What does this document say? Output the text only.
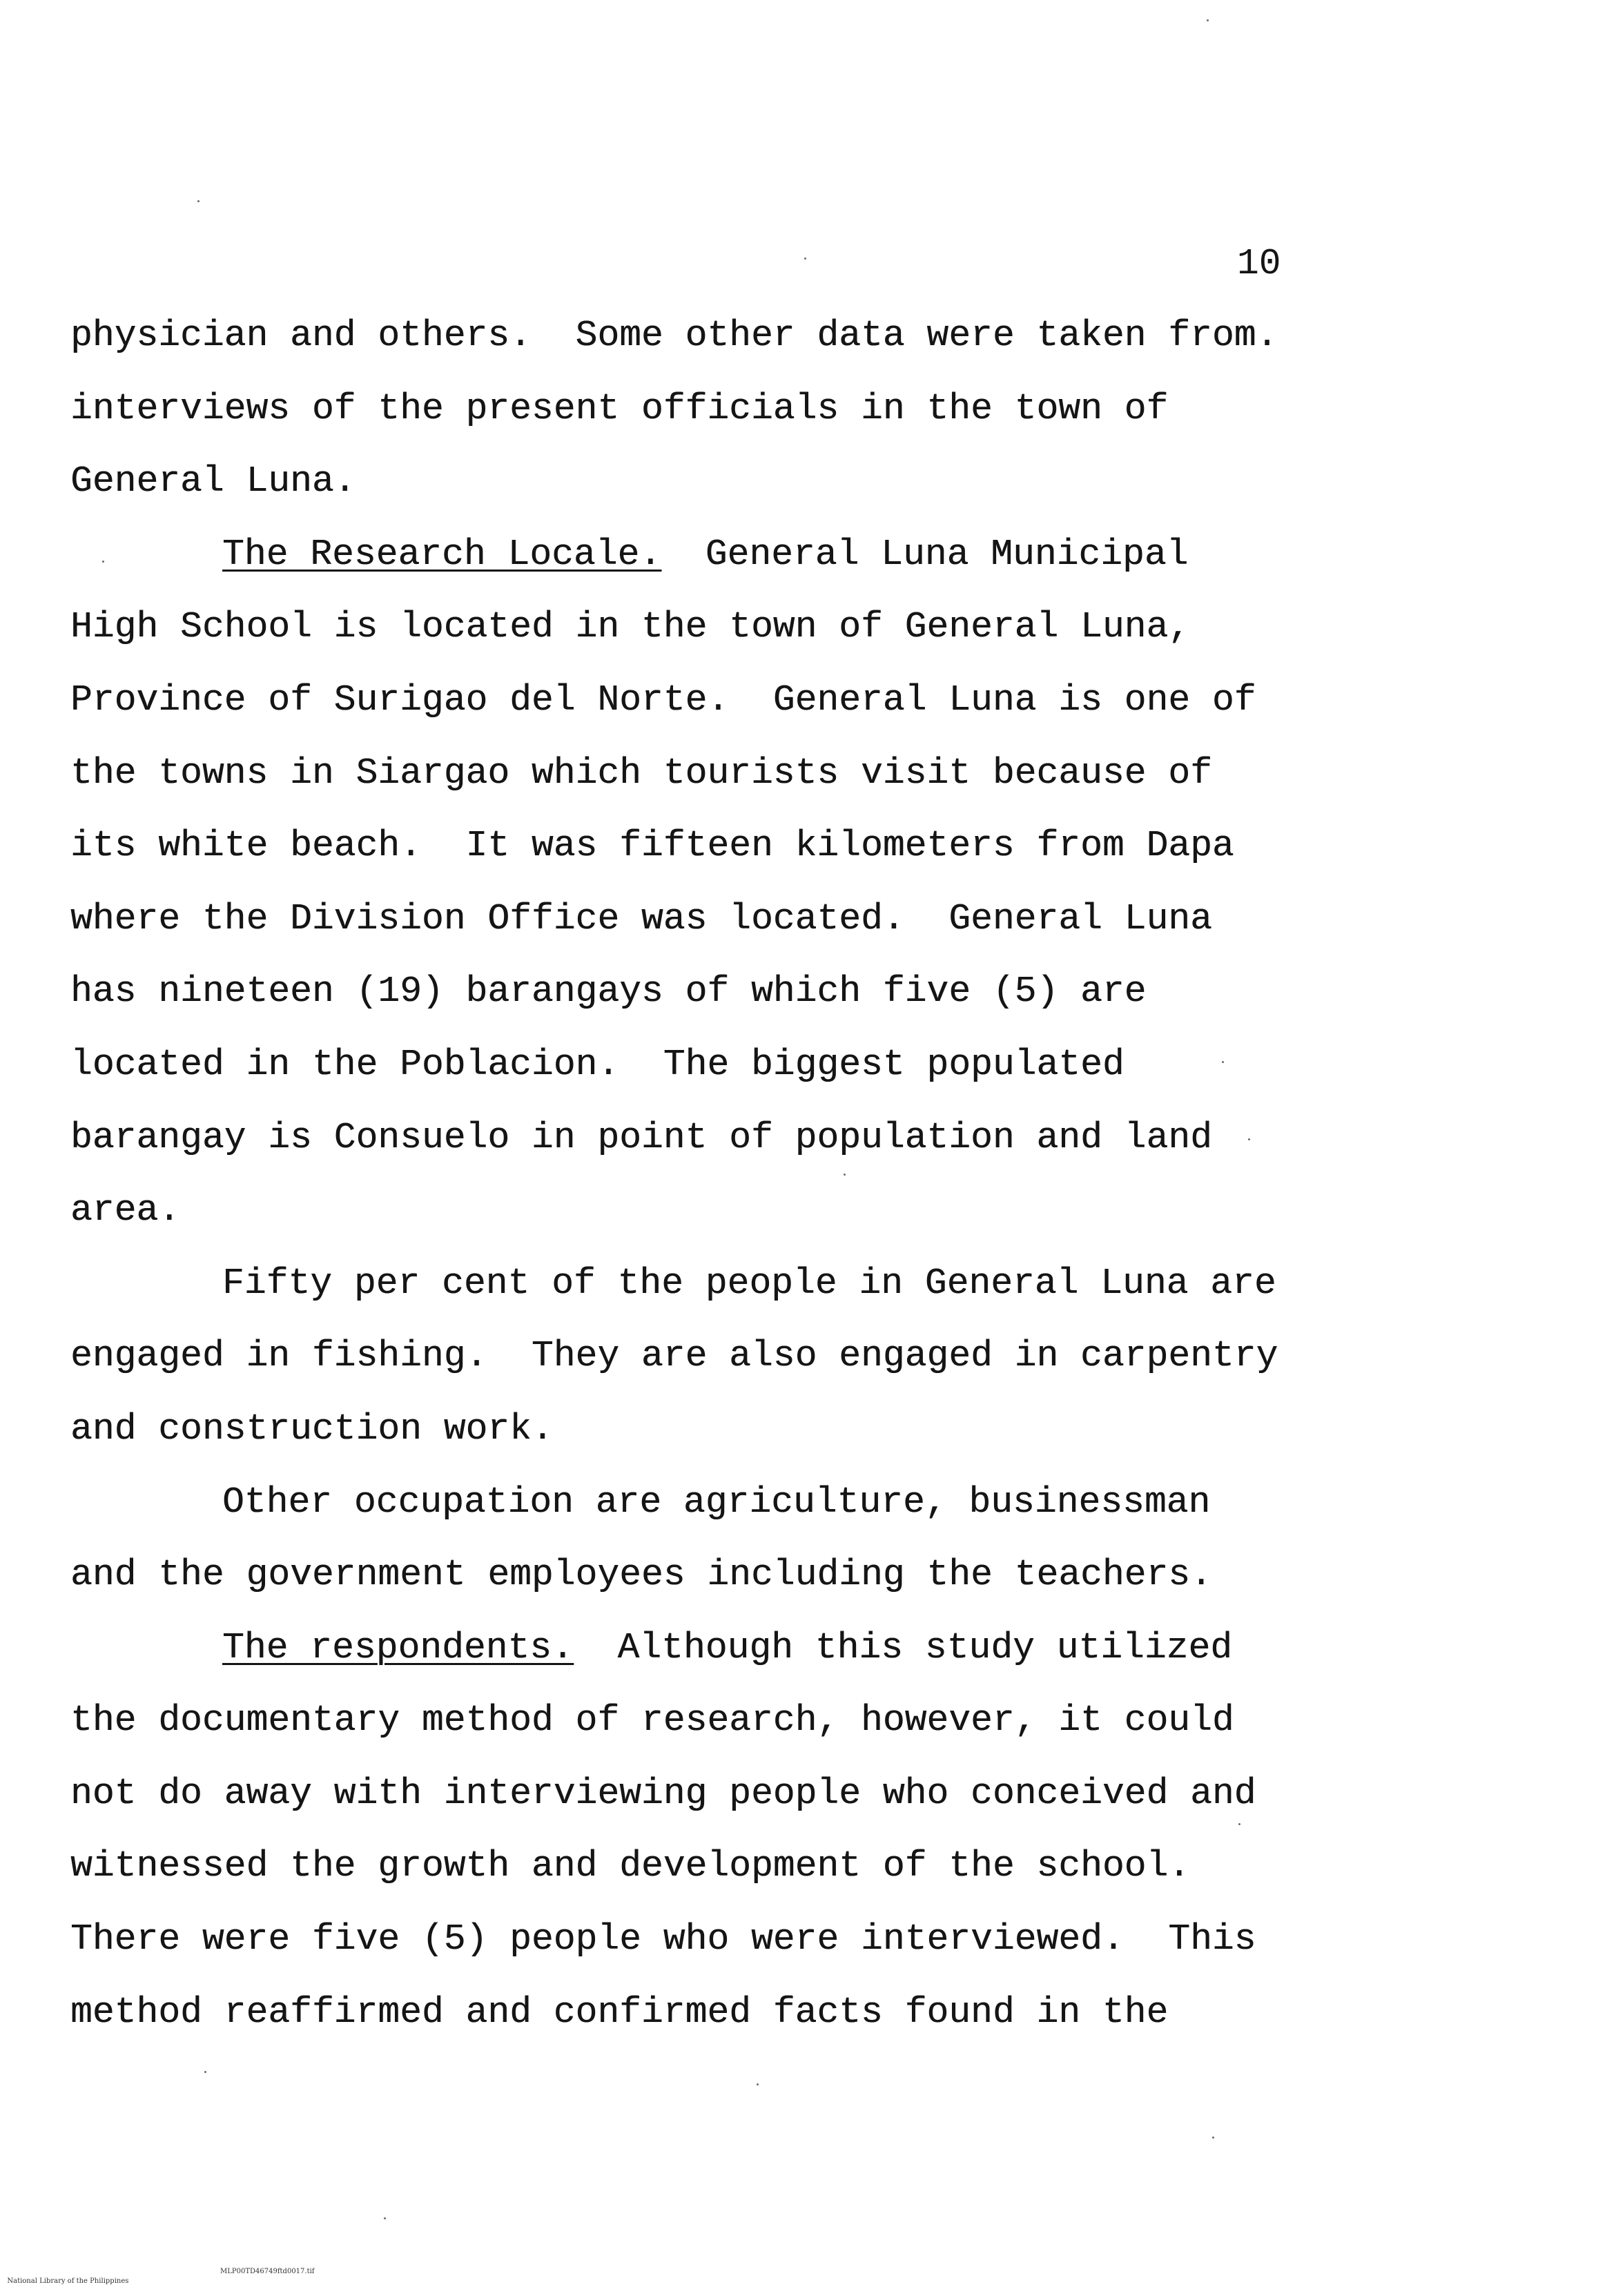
10
physician and others.  Some other data were taken from.
interviews of the present officials in the town of
General Luna.
The Research Locale.  General Luna Municipal
High School is located in the town of General Luna,
Province of Surigao del Norte.  General Luna is one of
the towns in Siargao which tourists visit because of
its white beach.  It was fifteen kilometers from Dapa
where the Division Office was located.  General Luna
has nineteen (19) barangays of which five (5) are
located in the Poblacion.  The biggest populated
barangay is Consuelo in point of population and land
area.
Fifty per cent of the people in General Luna are
engaged in fishing.  They are also engaged in carpentry
and construction work.
Other occupation are agriculture, businessman
and the government employees including the teachers.
The respondents.  Although this study utilized
the documentary method of research, however, it could
not do away with interviewing people who conceived and
witnessed the growth and development of the school.
There were five (5) people who were interviewed.  This
method reaffirmed and confirmed facts found in the

National Library of the Philippines

MLP00TD46749ftd0017.tif
